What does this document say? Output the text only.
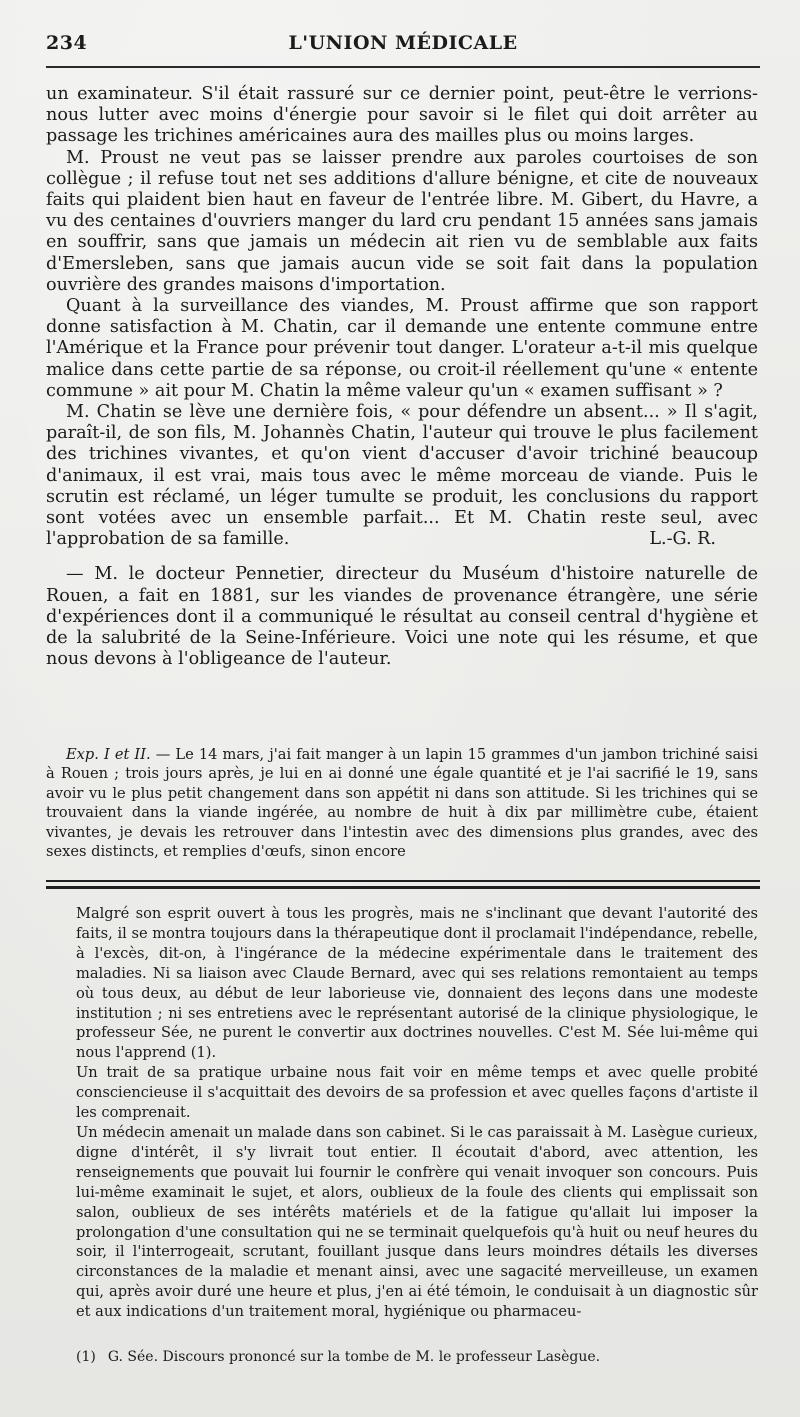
234	L'UNION MÉDICALE

un examinateur. S'il était rassuré sur ce dernier point, peut-être le verrions-nous lutter avec moins d'énergie pour savoir si le filet qui doit arrêter au passage les trichines américaines aura des mailles plus ou moins larges.

M. Proust ne veut pas se laisser prendre aux paroles courtoises de son collègue ; il refuse tout net ses additions d'allure bénigne, et cite de nouveaux faits qui plaident bien haut en faveur de l'entrée libre. M. Gibert, du Havre, a vu des centaines d'ouvriers manger du lard cru pendant 15 années sans jamais en souffrir, sans que jamais un médecin ait rien vu de semblable aux faits d'Emersleben, sans que jamais aucun vide se soit fait dans la population ouvrière des grandes maisons d'importation.

Quant à la surveillance des viandes, M. Proust affirme que son rapport donne satisfaction à M. Chatin, car il demande une entente commune entre l'Amérique et la France pour prévenir tout danger. L'orateur a-t-il mis quelque malice dans cette partie de sa réponse, ou croit-il réellement qu'une « entente commune » ait pour M. Chatin la même valeur qu'un « examen suffisant » ?

M. Chatin se lève une dernière fois, « pour défendre un absent... » Il s'agit, paraît-il, de son fils, M. Johannès Chatin, l'auteur qui trouve le plus facilement des trichines vivantes, et qu'on vient d'accuser d'avoir trichiné beaucoup d'animaux, il est vrai, mais tous avec le même morceau de viande. Puis le scrutin est réclamé, un léger tumulte se produit, les conclusions du rapport sont votées avec un ensemble parfait... Et M. Chatin reste seul, avec l'approbation de sa famille.	L.-G. R.

— M. le docteur Pennetier, directeur du Muséum d'histoire naturelle de Rouen, a fait en 1881, sur les viandes de provenance étrangère, une série d'expériences dont il a communiqué le résultat au conseil central d'hygiène et de la salubrité de la Seine-Inférieure. Voici une note qui les résume, et que nous devons à l'obligeance de l'auteur.

Exp. I et II. — Le 14 mars, j'ai fait manger à un lapin 15 grammes d'un jambon trichiné saisi à Rouen ; trois jours après, je lui en ai donné une égale quantité et je l'ai sacrifié le 19, sans avoir vu le plus petit changement dans son appétit ni dans son attitude. Si les trichines qui se trouvaient dans la viande ingérée, au nombre de huit à dix par millimètre cube, étaient vivantes, je devais les retrouver dans l'intestin avec des dimensions plus grandes, avec des sexes distincts, et remplies d'œufs, sinon encore

Malgré son esprit ouvert à tous les progrès, mais ne s'inclinant que devant l'autorité des faits, il se montra toujours dans la thérapeutique dont il proclamait l'indépendance, rebelle, à l'excès, dit-on, à l'ingérance de la médecine expérimentale dans le traitement des maladies. Ni sa liaison avec Claude Bernard, avec qui ses relations remontaient au temps où tous deux, au début de leur laborieuse vie, donnaient des leçons dans une modeste institution ; ni ses entretiens avec le représentant autorisé de la clinique physiologique, le professeur Sée, ne purent le convertir aux doctrines nouvelles. C'est M. Sée lui-même qui nous l'apprend (1).

Un trait de sa pratique urbaine nous fait voir en même temps et avec quelle probité consciencieuse il s'acquittait des devoirs de sa profession et avec quelles façons d'artiste il les comprenait.

Un médecin amenait un malade dans son cabinet. Si le cas paraissait à M. Lasègue curieux, digne d'intérêt, il s'y livrait tout entier. Il écoutait d'abord, avec attention, les renseignements que pouvait lui fournir le confrère qui venait invoquer son concours. Puis lui-même examinait le sujet, et alors, oublieux de la foule des clients qui emplissait son salon, oublieux de ses intérêts matériels et de la fatigue qu'allait lui imposer la prolongation d'une consultation qui ne se terminait quelquefois qu'à huit ou neuf heures du soir, il l'interrogeait, scrutant, fouillant jusque dans leurs moindres détails les diverses circonstances de la maladie et menant ainsi, avec une sagacité merveilleuse, un examen qui, après avoir duré une heure et plus, j'en ai été témoin, le conduisait à un diagnostic sûr et aux indications d'un traitement moral, hygiénique ou pharmaceu-

(1) G. Sée. Discours prononcé sur la tombe de M. le professeur Lasègue.
